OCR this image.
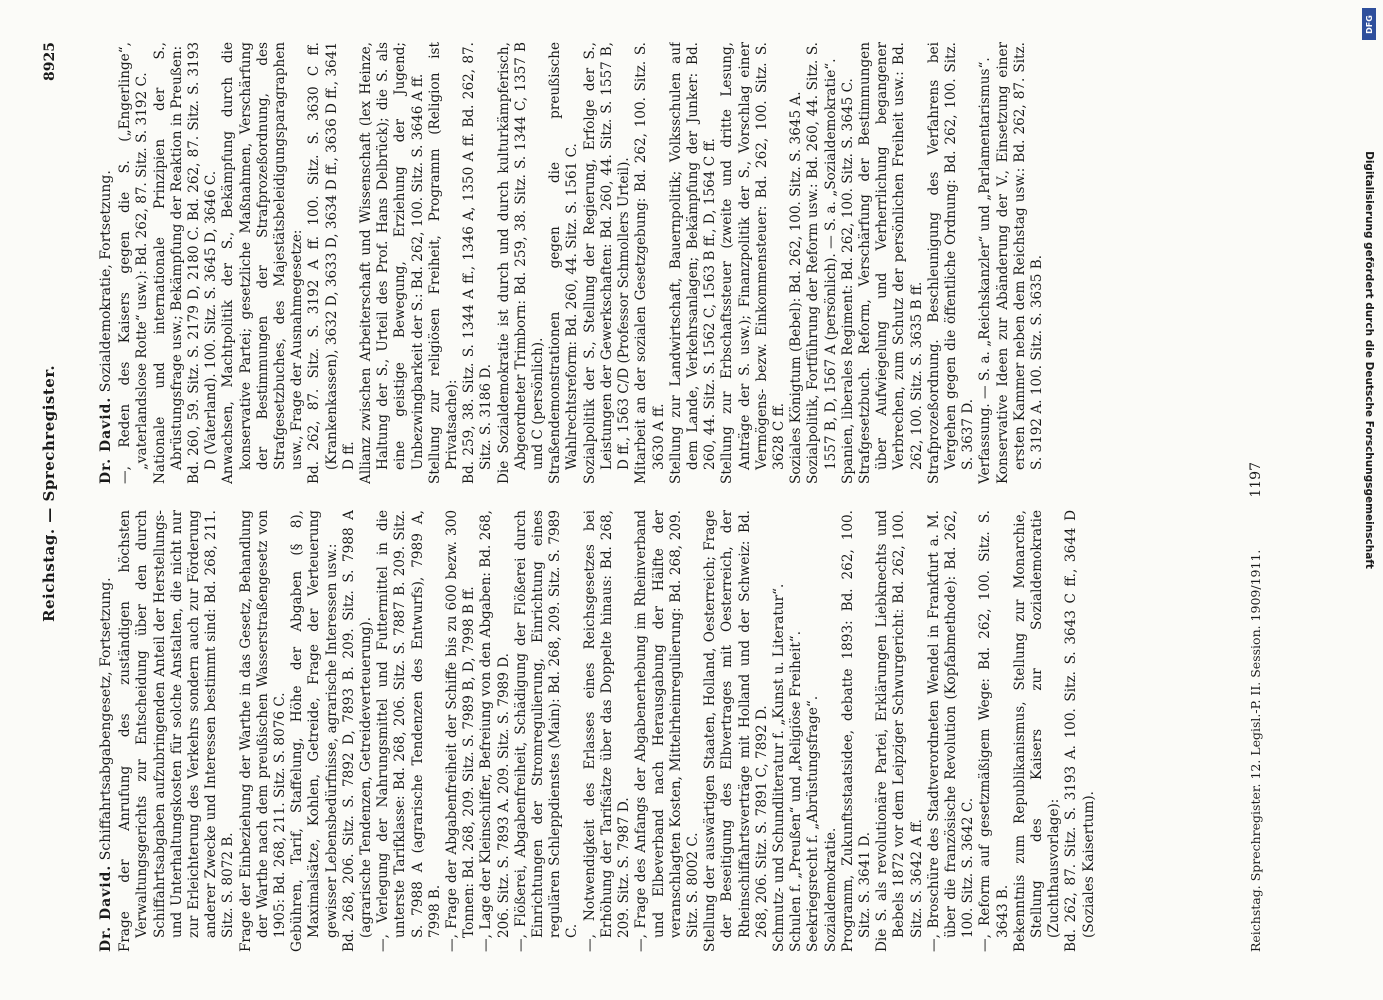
Reichstag. — Sprechregister.
8925
Dr. David. Schiffahrtsabgabengesetz, Fortsetzung. Frage der Anrufung des zuständigen höchsten Verwaltungsgerichts zur Entscheidung über den durch Schiffahrtsabgaben aufzubringenden Anteil der Herstellungs- und Unterhaltungskosten für solche Anstalten, die nicht nur zur Erleichterung des Verkehrs sondern auch zur Förderung anderer Zwecke und Interessen bestimmt sind: Bd. 268, 211. Sitz. S. 8072 B. Frage der Einbeziehung der Warthe in das Gesetz, Behandlung der Warthe nach dem preußischen Wasserstraßengesetz von 1905: Bd. 268, 211. Sitz. S. 8076 C. Gebühren, Tarif, Staffelung, Höhe der Abgaben (§ 8), Maximalsätze, Kohlen, Getreide, Frage der Verteuerung gewisser Lebensbedürfnisse, agrarische Interessen usw.: Bd. 268, 206. Sitz. S. 7892 D, 7893 B. 209. Sitz. S. 7988 A (agrarische Tendenzen, Getreideverteuerung). —, Verlegung der Nahrungsmittel und Futtermittel in die unterste Tarifklasse: Bd. 268, 206. Sitz. S. 7887 B. 209. Sitz. S. 7988 A (agrarische Tendenzen des Entwurfs), 7989 A, 7998 B. —, Frage der Abgabenfreiheit der Schiffe bis zu 600 bezw. 300 Tonnen: Bd. 268, 209. Sitz. S. 7989 B, D, 7998 B ff. —, Lage der Kleinschiffer, Befreiung von den Abgaben: Bd. 268, 206. Sitz. S. 7893 A. 209. Sitz. S. 7989 D. —, Flößerei, Abgabenfreiheit, Schädigung der Flößerei durch Einrichtungen der Stromregulierung, Einrichtung eines regulären Schleppdienstes (Main): Bd. 268, 209. Sitz. S. 7989 C. —, Notwendigkeit des Erlasses eines Reichsgesetzes bei Erhöhung der Tarifsätze über das Doppelte hinaus: Bd. 268, 209. Sitz. S. 7987 D. —, Frage des Anfangs der Abgabenerhebung im Rheinverband und Elbeverband nach Herausgabung der Hälfte der veranschlagten Kosten, Mittelrheinregulierung: Bd. 268, 209. Sitz. S. 8002 C. Stellung der auswärtigen Staaten, Holland, Oesterreich; Frage der Beseitigung des Elbvertrages mit Oesterreich, der Rheinschiffahrtsverträge mit Holland und der Schweiz: Bd. 268, 206. Sitz. S. 7891 C, 7892 D. Schmutz- und Schundliteratur f. „Kunst u. Literatur“. Schulen f. „Preußen“ und „Religiöse Freiheit“. Seekriegsrecht f. „Abrüstungsfrage“. Sozialdemokratie. Programm, Zukunftsstaatsidee, debatte 1893: Bd. 262, 100. Sitz. S. 3641 D. Die S. als revolutionäre Partei, Erklärungen Liebknechts und Bebels 1872 vor dem Leipziger Schwurgericht: Bd. 262, 100. Sitz. S. 3642 A ff. —, Broschüre des Stadtverordneten Wendel in Frankfurt a. M. über die französische Revolution (Kopfabmethode): Bd. 262, 100. Sitz. S. 3642 C. —, Reform auf gesetzmäßigem Wege: Bd. 262, 100. Sitz. S. 3643 B. Bekenntnis zum Republikanismus, Stellung zur Monarchie, Stellung des Kaisers zur Sozialdemokratie (Zuchthausvorlage): Bd. 262, 87. Sitz. S. 3193 A. 100. Sitz. S. 3643 C ff., 3644 D (Soziales Kaisertum).

Dr. David. Sozialdemokratie, Fortsetzung. —, Reden des Kaisers gegen die S. („Engerlinge“, „vaterlandslose Rotte“ usw.): Bd. 262, 87. Sitz. S. 3192 C. Nationale und internationale Prinzipien der S., Abrüstungsfrage usw.; Bekämpfung der Reaktion in Preußen: Bd. 260, 59. Sitz. S. 2179 D, 2180 C. Bd. 262, 87. Sitz. S. 3193 D (Vaterland). 100. Sitz. S. 3645 D, 3646 C. Anwachsen, Machtpolitik der S., Bekämpfung durch die konservative Partei; gesetzliche Maßnahmen, Verschärfung der Bestimmungen der Strafprozeßordnung, des Strafgesetzbuches, des Majestätsbeleidigungsparagraphen usw., Frage der Ausnahmegesetze: Bd. 262, 87. Sitz. S. 3192 A ff. 100. Sitz. S. 3630 C ff. (Krankenkassen), 3632 D, 3633 D, 3634 D ff., 3636 D ff., 3641 D ff. Allianz zwischen Arbeiterschaft und Wissenschaft (lex Heinze, Haltung der S., Urteil des Prof. Hans Delbrück); die S. als eine geistige Bewegung, Erziehung der Jugend; Unbezwingbarkeit der S.: Bd. 262, 100. Sitz. S. 3646 A ff. Stellung zur religiösen Freiheit, Programm (Religion ist Privatsache): Bd. 259, 38. Sitz. S. 1344 A ff., 1346 A, 1350 A ff. Bd. 262, 87. Sitz. S. 3186 D. Die Sozialdemokratie ist durch und durch kulturkämpferisch, Abgeordneter Trimborn: Bd. 259, 38. Sitz. S. 1344 C, 1357 B und C (persönlich). Straßendemonstrationen gegen die preußische Wahlrechtsreform: Bd. 260, 44. Sitz. S. 1561 C. Sozialpolitik der S., Stellung der Regierung, Erfolge der S., Leistungen der Gewerkschaften: Bd. 260, 44. Sitz. S. 1557 B, D ff., 1563 C/D (Professor Schmollers Urteil). Mitarbeit an der sozialen Gesetzgebung: Bd. 262, 100. Sitz. S. 3630 A ff. Stellung zur Landwirtschaft, Bauernpolitik; Volksschulen auf dem Lande, Verkehrsanlagen; Bekämpfung der Junker: Bd. 260, 44. Sitz. S. 1562 C, 1563 B ff., D, 1564 C ff. Stellung zur Erbschaftssteuer (zweite und dritte Lesung, Anträge der S. usw.); Finanzpolitik der S., Vorschlag einer Vermögens- bezw. Einkommensteuer: Bd. 262, 100. Sitz. S. 3628 C ff. Soziales Königtum (Bebel): Bd. 262, 100. Sitz. S. 3645 A. Sozialpolitik, Fortführung der Reform usw.: Bd. 260, 44. Sitz. S. 1557 B, D, 1567 A (persönlich). — S. a. „Sozialdemokratie“. Spanien, liberales Regiment: Bd. 262, 100. Sitz. S. 3645 C. Strafgesetzbuch. Reform, Verschärfung der Bestimmungen über Aufwiegelung und Verherrlichung begangener Verbrechen, zum Schutz der persönlichen Freiheit usw.: Bd. 262, 100. Sitz. S. 3635 B ff. Strafprozeßordnung. Beschleunigung des Verfahrens bei Vergehen gegen die öffentliche Ordnung: Bd. 262, 100. Sitz. S. 3637 D. Verfassung. — S. a. „Reichskanzler“ und „Parlamentarismus“. Konservative Ideen zur Abänderung der V., Einsetzung einer ersten Kammer neben dem Reichstag usw.: Bd. 262, 87. Sitz. S. 3192 A. 100. Sitz. S. 3635 B.

Reichstag. Sprechregister. 12. Legisl.-P. II. Session. 1909/1911.
1197
DFG
Digitalisierung gefördert durch die Deutsche Forschungsgemeinschaft
